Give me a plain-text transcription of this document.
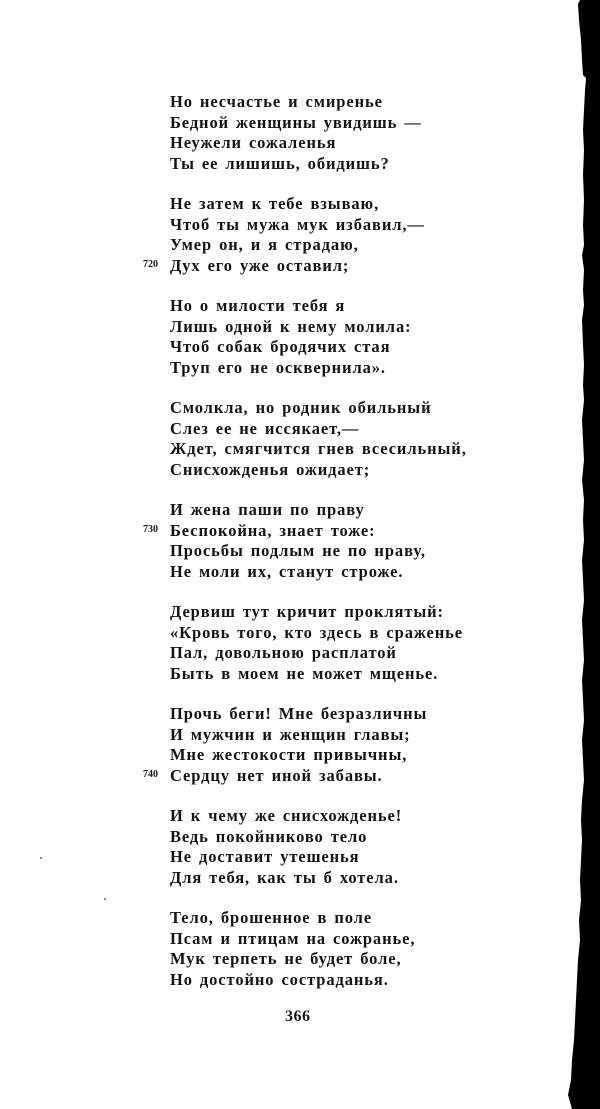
Но несчастье и смиренье
Бедной женщины увидишь —
Неужели сожаленья
Ты ее лишишь, обидишь?
Не затем к тебе взываю,
Чтоб ты мужа мук избавил,—
Умер он, и я страдаю,
720 Дух его уже оставил;
Но о милости тебя я
Лишь одной к нему молила:
Чтоб собак бродячих стая
Труп его не осквернила».
Смолкла, но родник обильный
Слез ее не иссякает,—
Ждет, смягчится гнев всесильный,
Снисхожденья ожидает;
И жена паши по праву
730 Беспокойна, знает тоже:
Просьбы подлым не по нраву,
Не моли их, станут строже.
Дервиш тут кричит проклятый:
«Кровь того, кто здесь в сраженье
Пал, довольною расплатой
Быть в моем не может мщенье.
Прочь беги! Мне безразличны
И мужчин и женщин главы;
Мне жестокости привычны,
740 Сердцу нет иной забавы.
И к чему же снисхожденье!
Ведь покойниково тело
Не доставит утешенья
Для тебя, как ты б хотела.
Тело, брошенное в поле
Псам и птицам на сожранье,
Мук терпеть не будет боле,
Но достойно состраданья.
366
